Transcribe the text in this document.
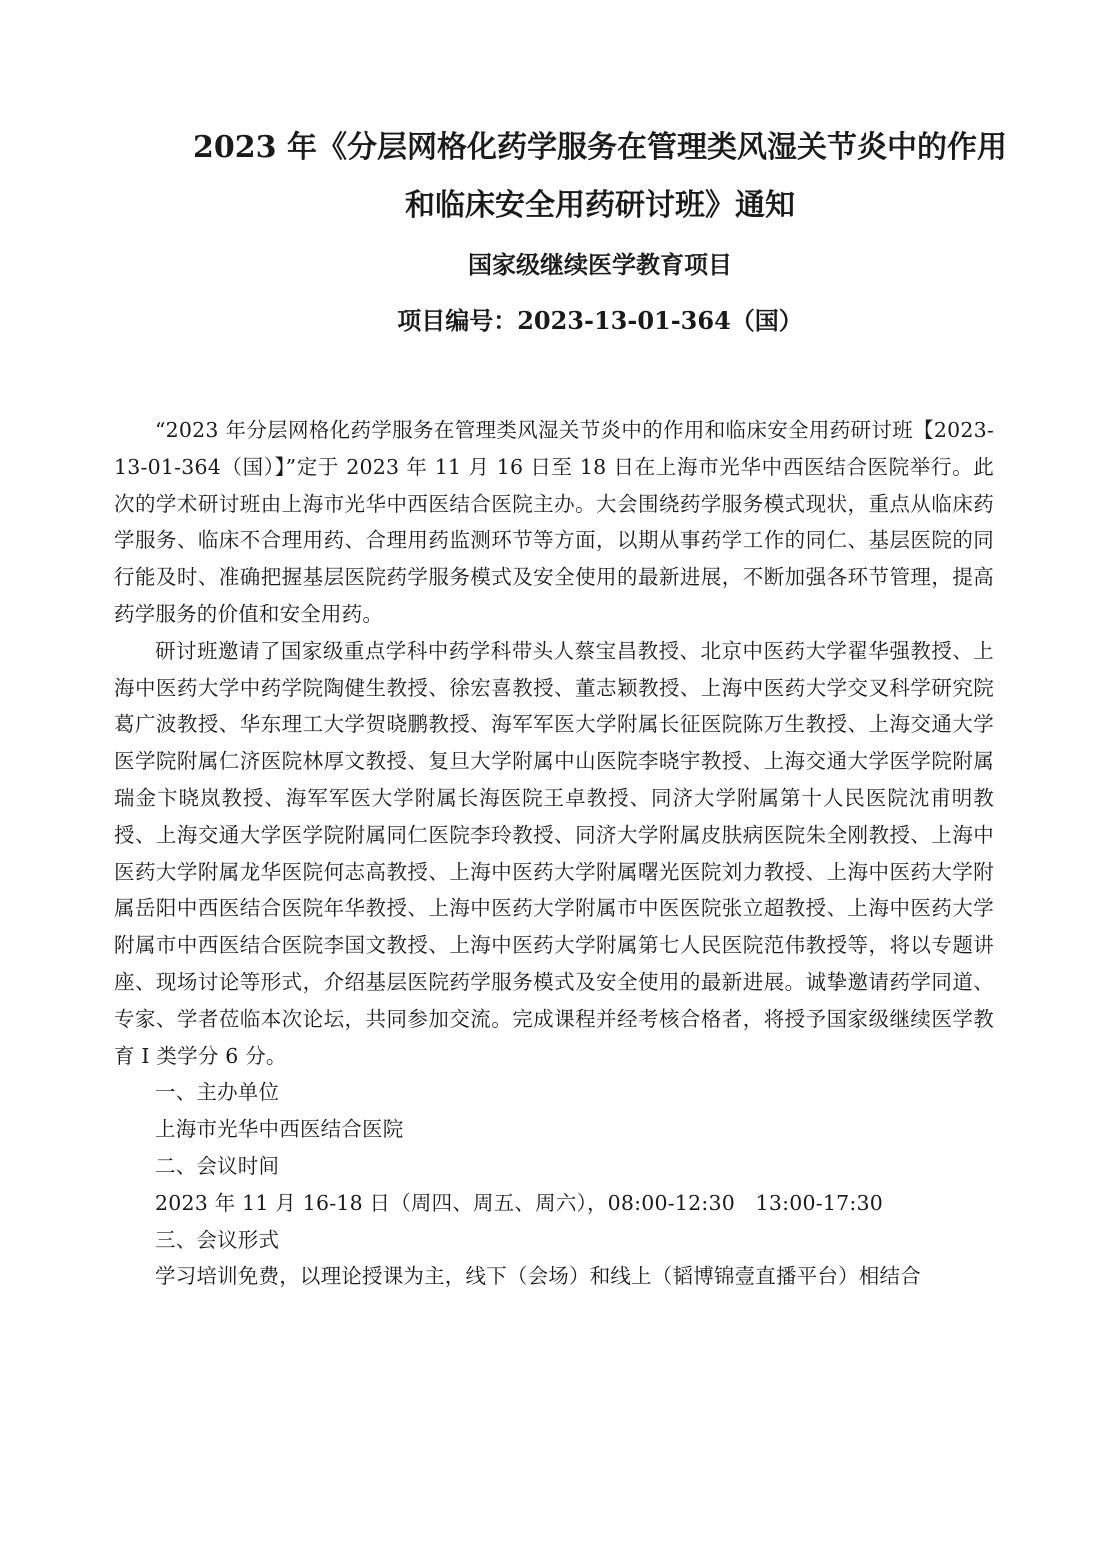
2023 年《分层网格化药学服务在管理类风湿关节炎中的作用
和临床安全用药研讨班》通知
国家级继续医学教育项目
项目编号：2023-13-01-364（国）

“2023 年分层网格化药学服务在管理类风湿关节炎中的作用和临床安全用药研讨班【2023-13-01-364（国）】”定于 2023 年 11 月 16 日至 18 日在上海市光华中西医结合医院举行。此次的学术研讨班由上海市光华中西医结合医院主办。大会围绕药学服务模式现状，重点从临床药学服务、临床不合理用药、合理用药监测环节等方面，以期从事药学工作的同仁、基层医院的同行能及时、准确把握基层医院药学服务模式及安全使用的最新进展，不断加强各环节管理，提高药学服务的价值和安全用药。

研讨班邀请了国家级重点学科中药学科带头人蔡宝昌教授、北京中医药大学翟华强教授、上海中医药大学中药学院陶健生教授、徐宏喜教授、董志颖教授、上海中医药大学交叉科学研究院葛广波教授、华东理工大学贺晓鹏教授、海军军医大学附属长征医院陈万生教授、上海交通大学医学院附属仁济医院林厚文教授、复旦大学附属中山医院李晓宇教授、上海交通大学医学院附属瑞金卞晓岚教授、海军军医大学附属长海医院王卓教授、同济大学附属第十人民医院沈甫明教授、上海交通大学医学院附属同仁医院李玲教授、同济大学附属皮肤病医院朱全刚教授、上海中医药大学附属龙华医院何志高教授、上海中医药大学附属曙光医院刘力教授、上海中医药大学附属岳阳中西医结合医院年华教授、上海中医药大学附属市中医医院张立超教授、上海中医药大学附属市中西医结合医院李国文教授、上海中医药大学附属第七人民医院范伟教授等，将以专题讲座、现场讨论等形式，介绍基层医院药学服务模式及安全使用的最新进展。诚挚邀请药学同道、专家、学者莅临本次论坛，共同参加交流。完成课程并经考核合格者，将授予国家级继续医学教育 I 类学分 6 分。

一、主办单位

上海市光华中西医结合医院

二、会议时间

2023 年 11 月 16-18 日（周四、周五、周六），08:00-12:30　13:00-17:30

三、会议形式

学习培训免费，以理论授课为主，线下（会场）和线上（韬博锦壹直播平台）相结合
